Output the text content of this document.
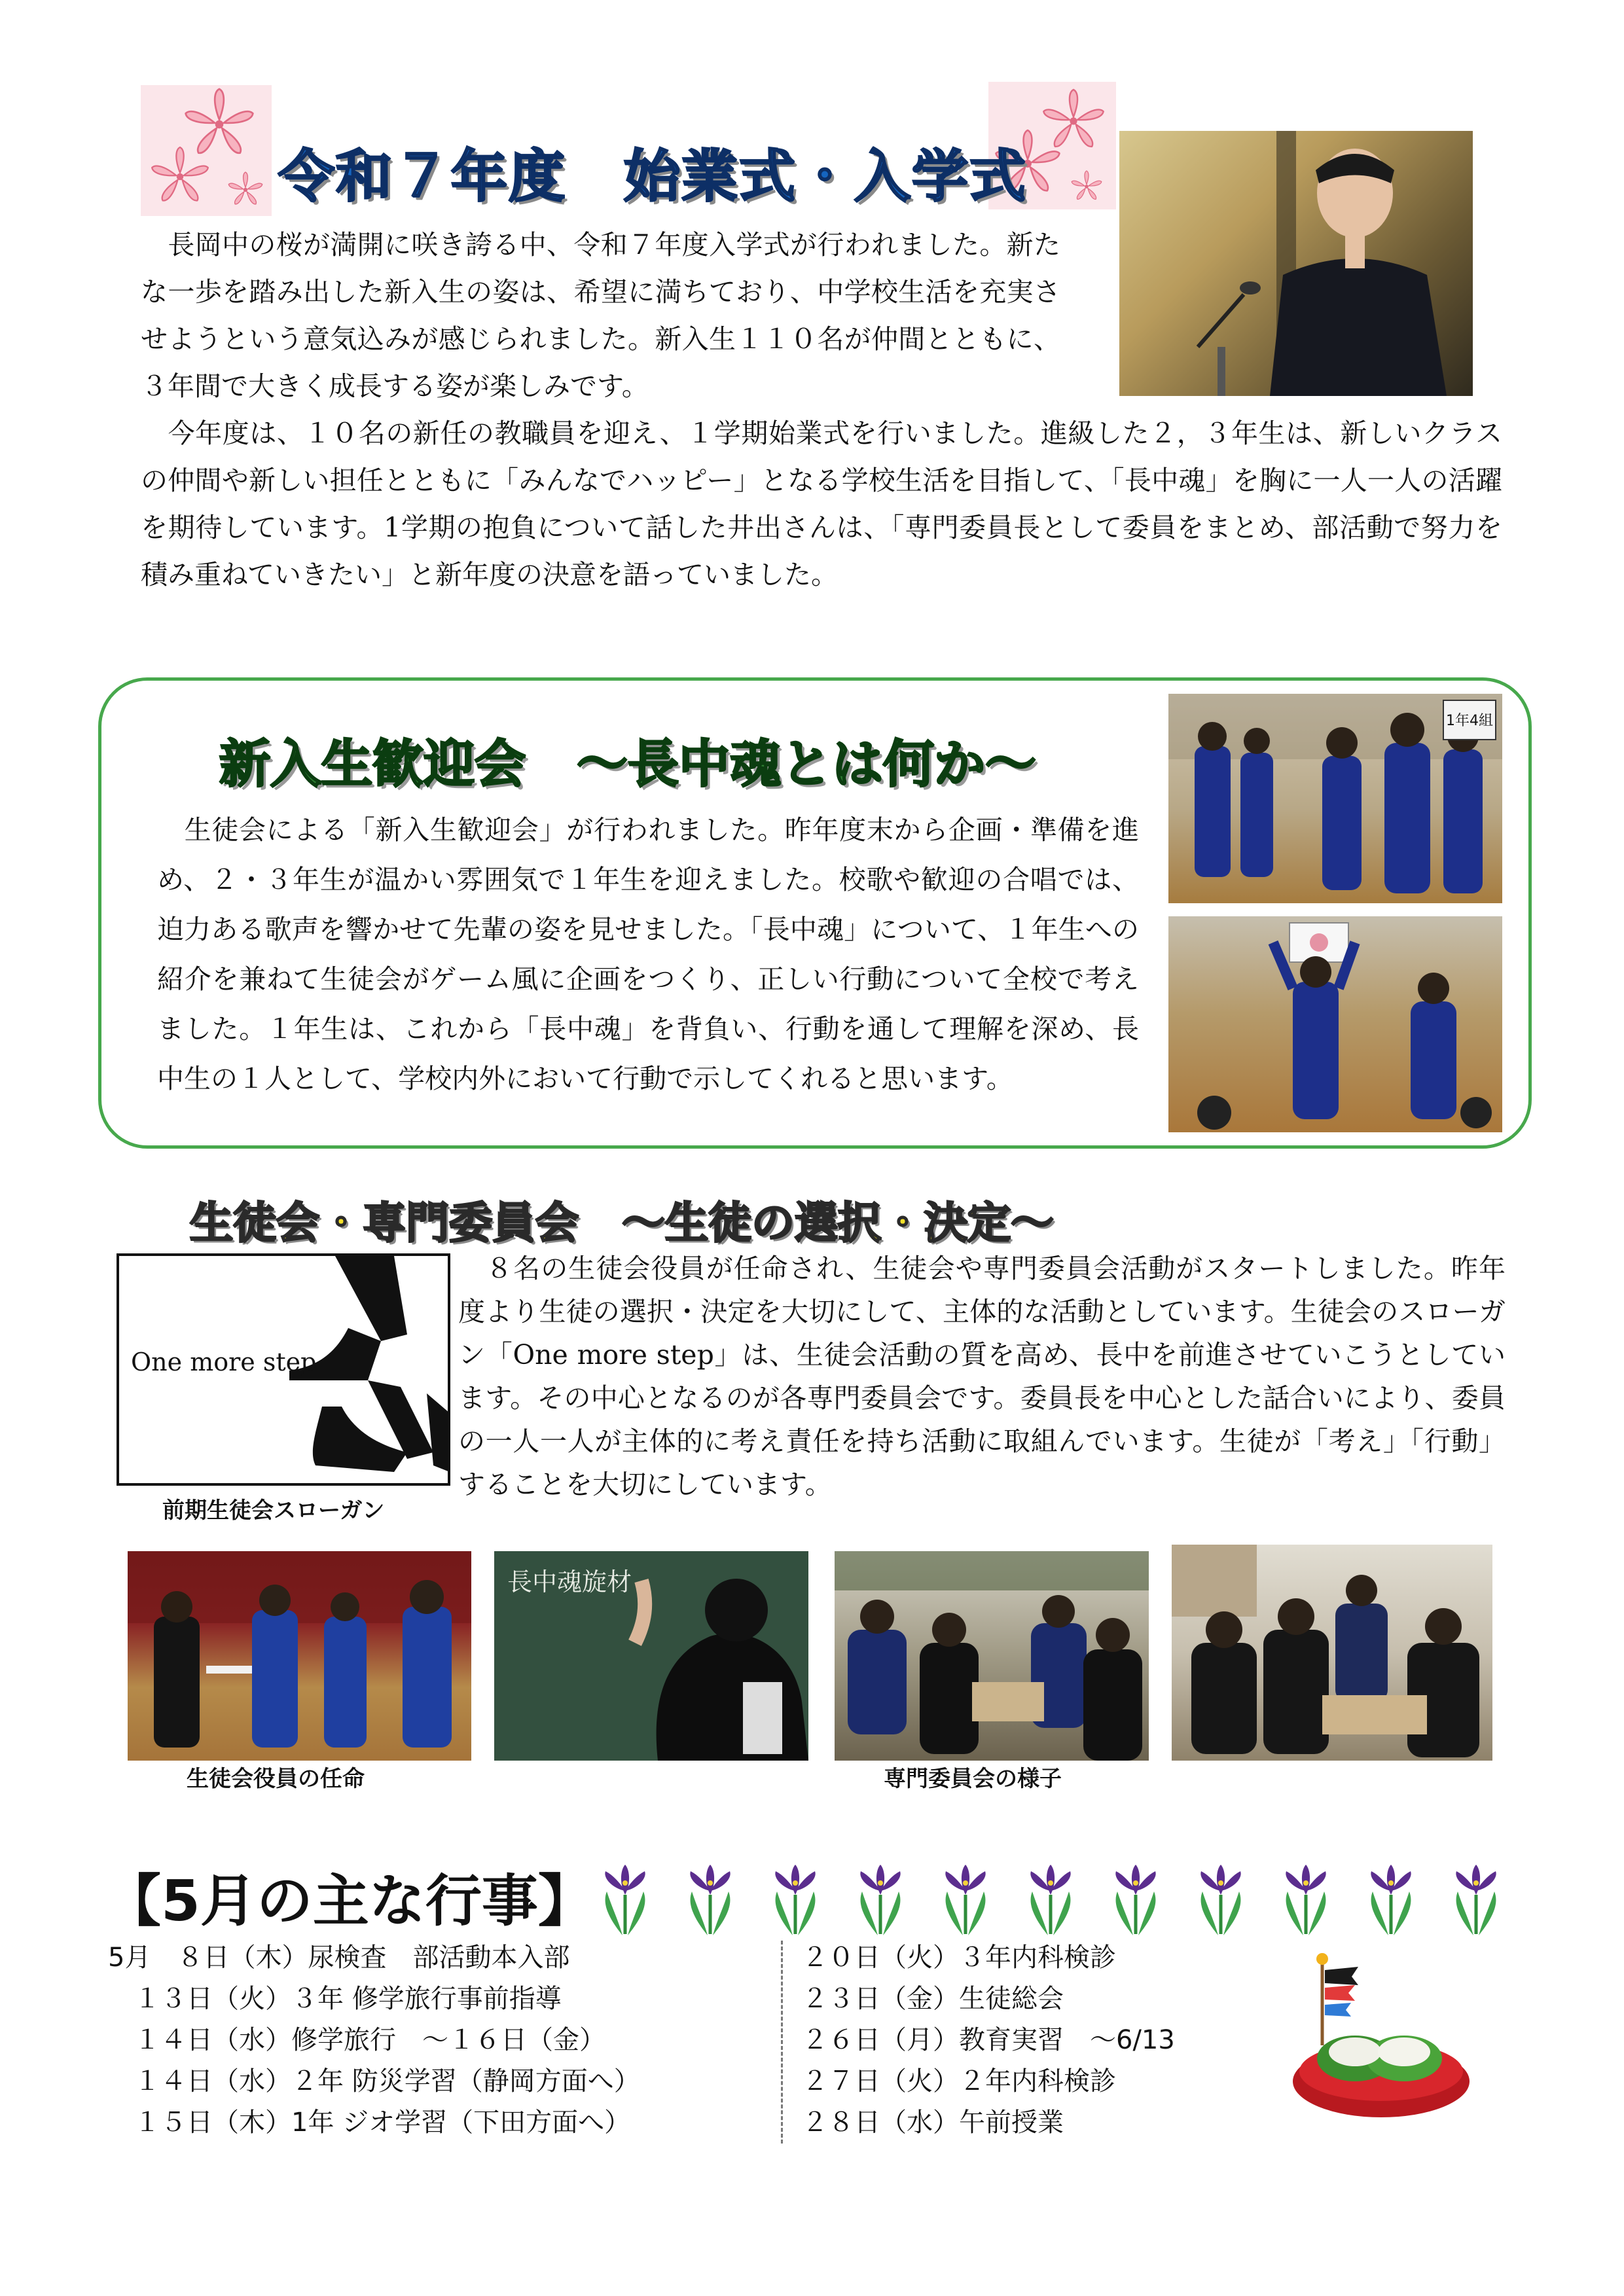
令和７年度　始業式・入学式

　長岡中の桜が満開に咲き誇る中、令和７年度入学式が行われました。新たな一歩を踏み出した新入生の姿は、希望に満ちており、中学校生活を充実させようという意気込みが感じられました。新入生１１０名が仲間とともに、３年間で大きく成長する姿が楽しみです。

　今年度は、１０名の新任の教職員を迎え、１学期始業式を行いました。進級した２，３年生は、新しいクラスの仲間や新しい担任とともに「みんなでハッピー」となる学校生活を目指して、「長中魂」を胸に一人一人の活躍を期待しています。1学期の抱負について話した井出さんは、「専門委員長として委員をまとめ、部活動で努力を積み重ねていきたい」と新年度の決意を語っていました。

新入生歓迎会　～長中魂とは何か～

　生徒会による「新入生歓迎会」が行われました。昨年度末から企画・準備を進め、２・３年生が温かい雰囲気で１年生を迎えました。校歌や歓迎の合唱では、迫力ある歌声を響かせて先輩の姿を見せました。「長中魂」について、１年生への紹介を兼ねて生徒会がゲーム風に企画をつくり、正しい行動について全校で考えました。１年生は、これから「長中魂」を背負い、行動を通して理解を深め、長中生の１人として、学校内外において行動で示してくれると思います。

1年4組
生徒会・専門委員会　～生徒の選択・決定～
One more step
前期生徒会スローガン

　８名の生徒会役員が任命され、生徒会や専門委員会活動がスタートしました。昨年度より生徒の選択・決定を大切にして、主体的な活動としています。生徒会のスローガン「One more step」は、生徒会活動の質を高め、長中を前進させていこうとしています。その中心となるのが各専門委員会です。委員長を中心とした話合いにより、委員の一人一人が主体的に考え責任を持ち活動に取組んでいます。生徒が「考え」「行動」することを大切にしています。

長中魂旋材
生徒会役員の任命	専門委員会の様子
【5月の主な行事】

5月　８日（木）尿検査　部活動本入部

　１３日（火）３年 修学旅行事前指導

　１４日（水）修学旅行　～１６日（金）

　１４日（水）２年 防災学習（静岡方面へ）

　１５日（木）1年 ジオ学習（下田方面へ）

２０日（火）３年内科検診

２３日（金）生徒総会

２６日（月）教育実習　～6/13

２７日（火）２年内科検診

２８日（水）午前授業
